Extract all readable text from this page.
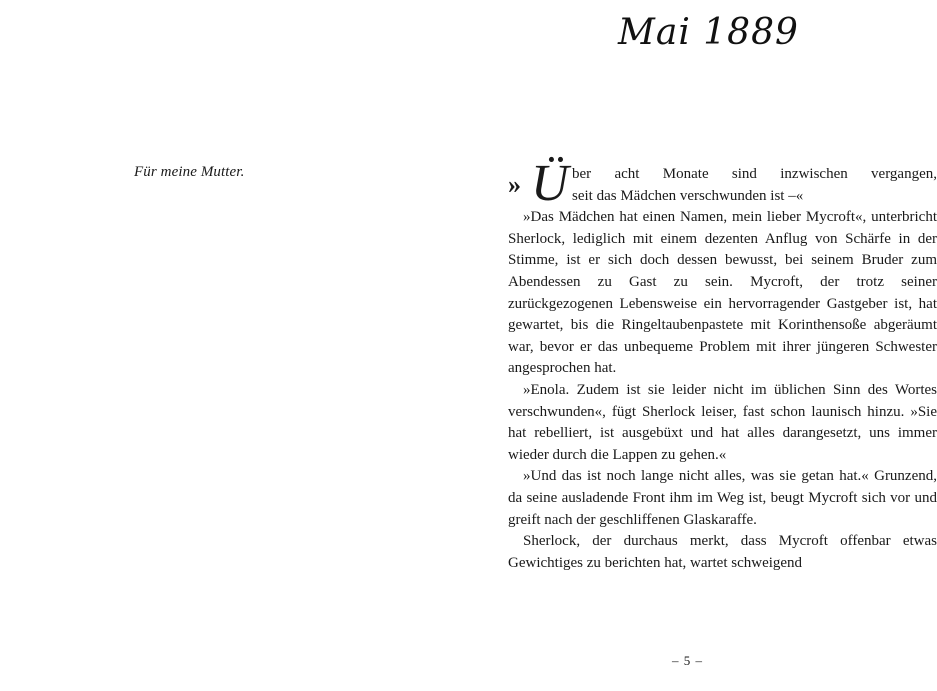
Für meine Mutter.
Mai 1889
» Ü ber acht Monate sind inzwischen vergangen,
seit das Mädchen verschwunden ist –«

»Das Mädchen hat einen Namen, mein lieber Mycroft«, unterbricht Sherlock, lediglich mit einem dezenten Anflug von Schärfe in der Stimme, ist er sich doch dessen bewusst, bei seinem Bruder zum Abendessen zu Gast zu sein. Mycroft, der trotz seiner zurückgezogenen Lebensweise ein hervorragender Gastgeber ist, hat gewartet, bis die Ringeltaubenpastete mit Korinthensoße abgeräumt war, bevor er das unbequeme Problem mit ihrer jüngeren Schwester angesprochen hat.

»Enola. Zudem ist sie leider nicht im üblichen Sinn des Wortes verschwunden«, fügt Sherlock leiser, fast schon launisch hinzu. »Sie hat rebelliert, ist ausgebüxt und hat alles darangesetzt, uns immer wieder durch die Lappen zu gehen.«

»Und das ist noch lange nicht alles, was sie getan hat.« Grunzend, da seine ausladende Front ihm im Weg ist, beugt Mycroft sich vor und greift nach der geschliffenen Glaskaraffe.

Sherlock, der durchaus merkt, dass Mycroft offenbar etwas Gewichtiges zu berichten hat, wartet schweigend

– 5 –
